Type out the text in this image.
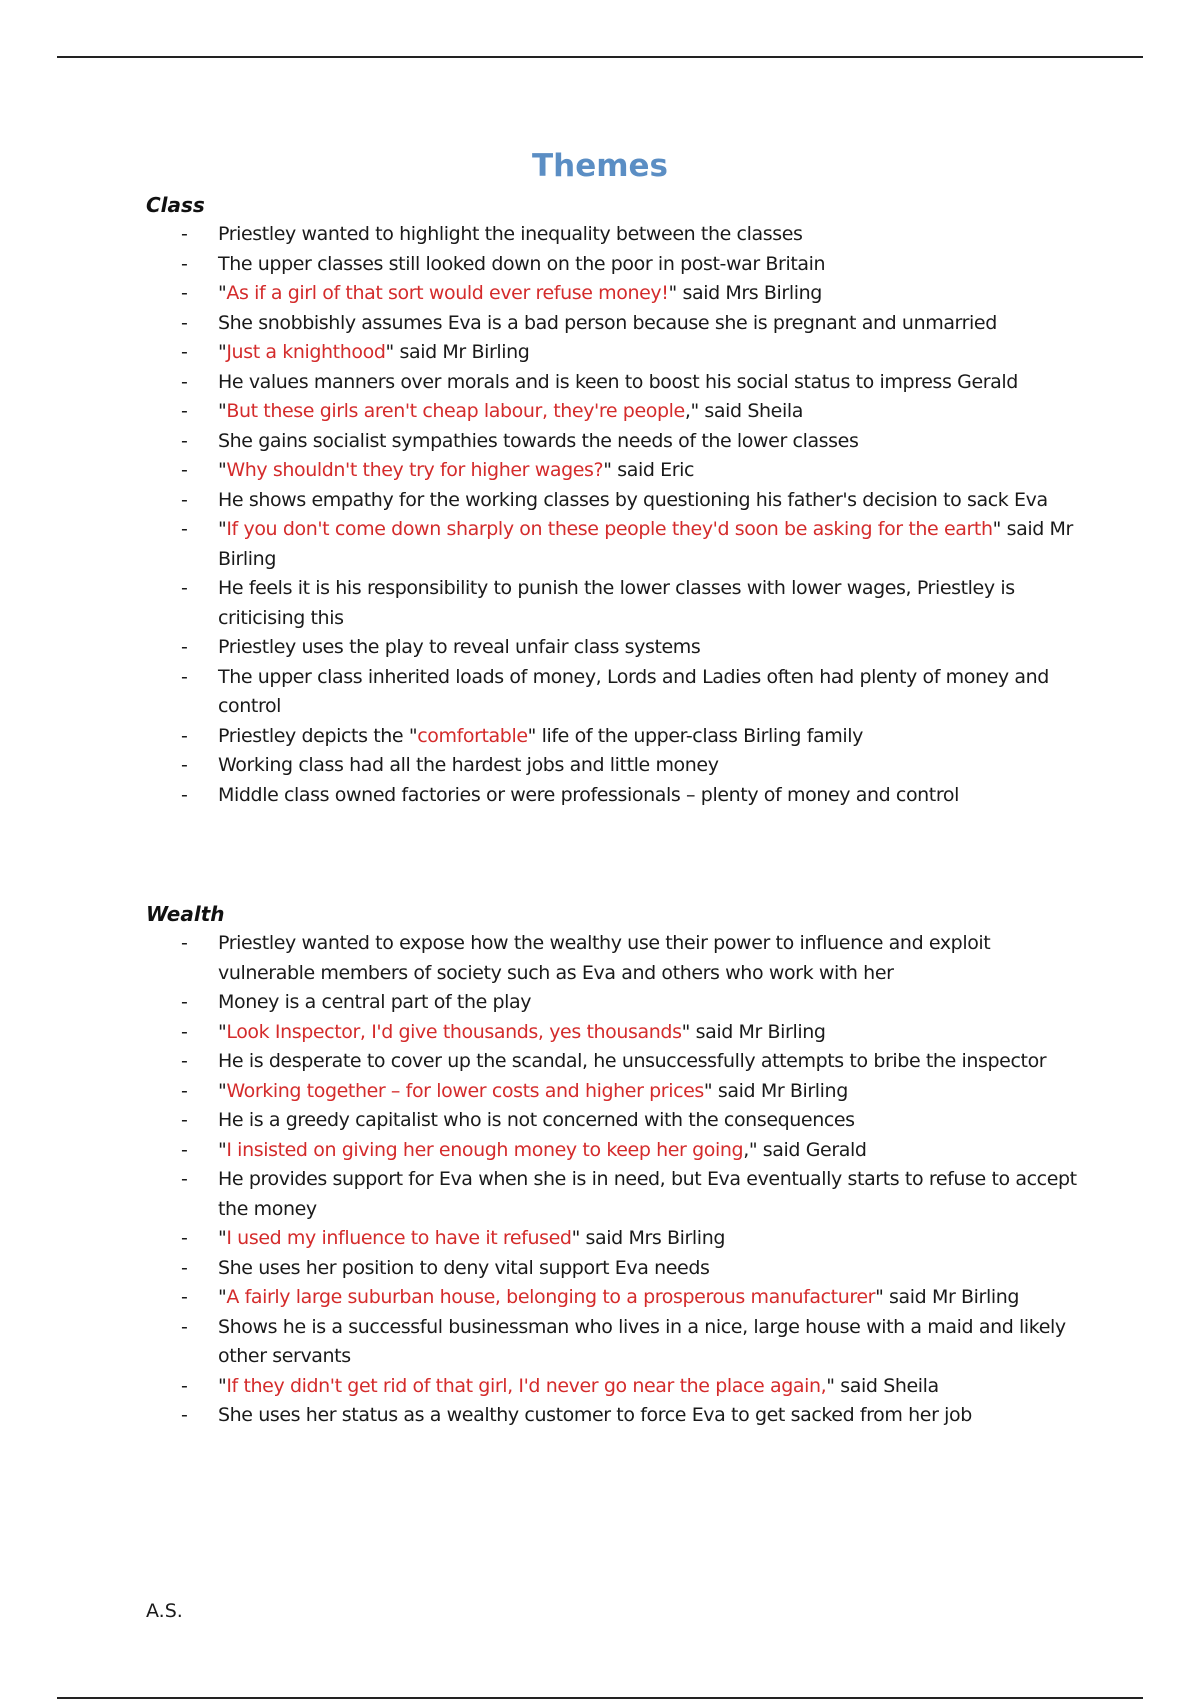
Themes
Class
- Priestley wanted to highlight the inequality between the classes
- The upper classes still looked down on the poor in post-war Britain
- "As if a girl of that sort would ever refuse money!" said Mrs Birling
- She snobbishly assumes Eva is a bad person because she is pregnant and unmarried
- "Just a knighthood" said Mr Birling
- He values manners over morals and is keen to boost his social status to impress Gerald
- "But these girls aren't cheap labour, they're people," said Sheila
- She gains socialist sympathies towards the needs of the lower classes
- "Why shouldn't they try for higher wages?" said Eric
- He shows empathy for the working classes by questioning his father's decision to sack Eva
- "If you don't come down sharply on these people they'd soon be asking for the earth" said Mr Birling
- He feels it is his responsibility to punish the lower classes with lower wages, Priestley is criticising this
- Priestley uses the play to reveal unfair class systems
- The upper class inherited loads of money, Lords and Ladies often had plenty of money and control
- Priestley depicts the "comfortable" life of the upper-class Birling family
- Working class had all the hardest jobs and little money
- Middle class owned factories or were professionals – plenty of money and control
Wealth
- Priestley wanted to expose how the wealthy use their power to influence and exploit vulnerable members of society such as Eva and others who work with her
- Money is a central part of the play
- "Look Inspector, I'd give thousands, yes thousands" said Mr Birling
- He is desperate to cover up the scandal, he unsuccessfully attempts to bribe the inspector
- "Working together – for lower costs and higher prices" said Mr Birling
- He is a greedy capitalist who is not concerned with the consequences
- "I insisted on giving her enough money to keep her going," said Gerald
- He provides support for Eva when she is in need, but Eva eventually starts to refuse to accept the money
- "I used my influence to have it refused" said Mrs Birling
- She uses her position to deny vital support Eva needs
- "A fairly large suburban house, belonging to a prosperous manufacturer" said Mr Birling
- Shows he is a successful businessman who lives in a nice, large house with a maid and likely other servants
- "If they didn't get rid of that girl, I'd never go near the place again," said Sheila
- She uses her status as a wealthy customer to force Eva to get sacked from her job
A.S.
